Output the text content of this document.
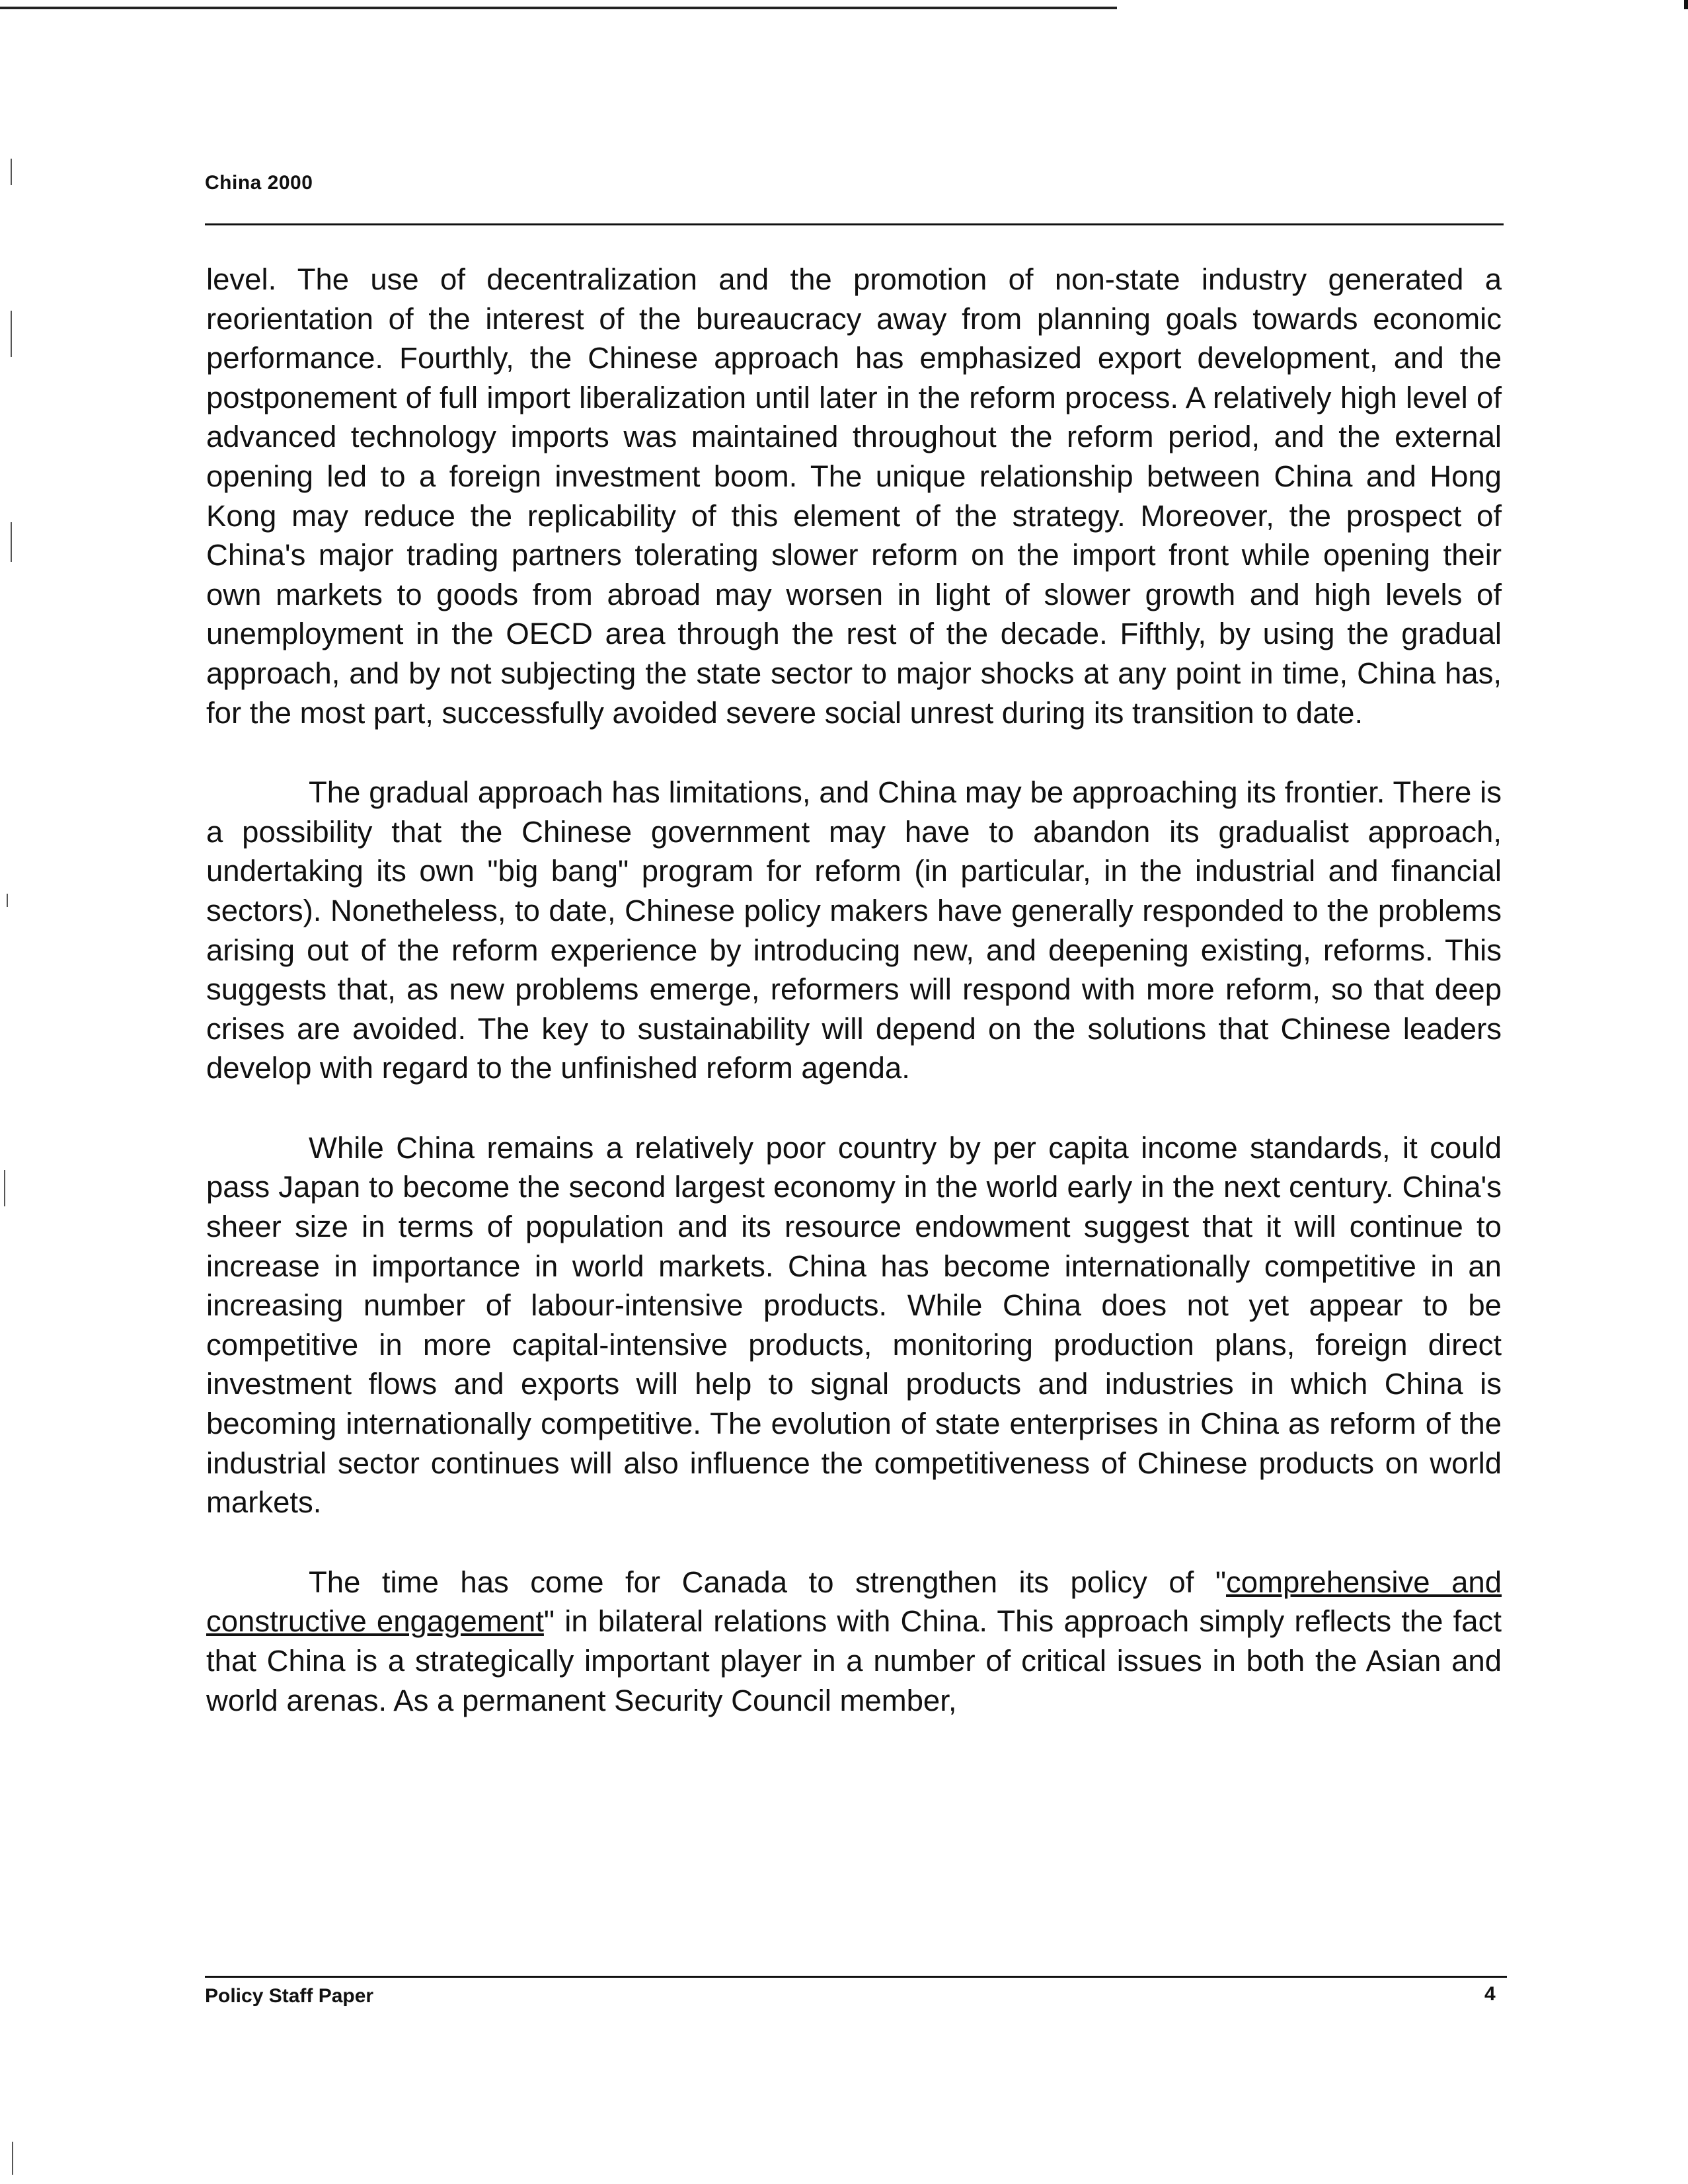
China 2000

level. The use of decentralization and the promotion of non-state industry generated a reorientation of the interest of the bureaucracy away from planning goals towards economic performance. Fourthly, the Chinese approach has emphasized export development, and the postponement of full import liberalization until later in the reform process. A relatively high level of advanced technology imports was maintained throughout the reform period, and the external opening led to a foreign investment boom. The unique relationship between China and Hong Kong may reduce the replicability of this element of the strategy. Moreover, the prospect of China's major trading partners tolerating slower reform on the import front while opening their own markets to goods from abroad may worsen in light of slower growth and high levels of unemployment in the OECD area through the rest of the decade. Fifthly, by using the gradual approach, and by not subjecting the state sector to major shocks at any point in time, China has, for the most part, successfully avoided severe social unrest during its transition to date.

The gradual approach has limitations, and China may be approaching its frontier. There is a possibility that the Chinese government may have to abandon its gradualist approach, undertaking its own "big bang" program for reform (in particular, in the industrial and financial sectors). Nonetheless, to date, Chinese policy makers have generally responded to the problems arising out of the reform experience by introducing new, and deepening existing, reforms. This suggests that, as new problems emerge, reformers will respond with more reform, so that deep crises are avoided. The key to sustainability will depend on the solutions that Chinese leaders develop with regard to the unfinished reform agenda.

While China remains a relatively poor country by per capita income standards, it could pass Japan to become the second largest economy in the world early in the next century. China's sheer size in terms of population and its resource endowment suggest that it will continue to increase in importance in world markets. China has become internationally competitive in an increasing number of labour-intensive products. While China does not yet appear to be competitive in more capital-intensive products, monitoring production plans, foreign direct investment flows and exports will help to signal products and industries in which China is becoming internationally competitive. The evolution of state enterprises in China as reform of the industrial sector continues will also influence the competitiveness of Chinese products on world markets.

The time has come for Canada to strengthen its policy of "comprehensive and constructive engagement" in bilateral relations with China. This approach simply reflects the fact that China is a strategically important player in a number of critical issues in both the Asian and world arenas. As a permanent Security Council member,

Policy Staff Paper	4
